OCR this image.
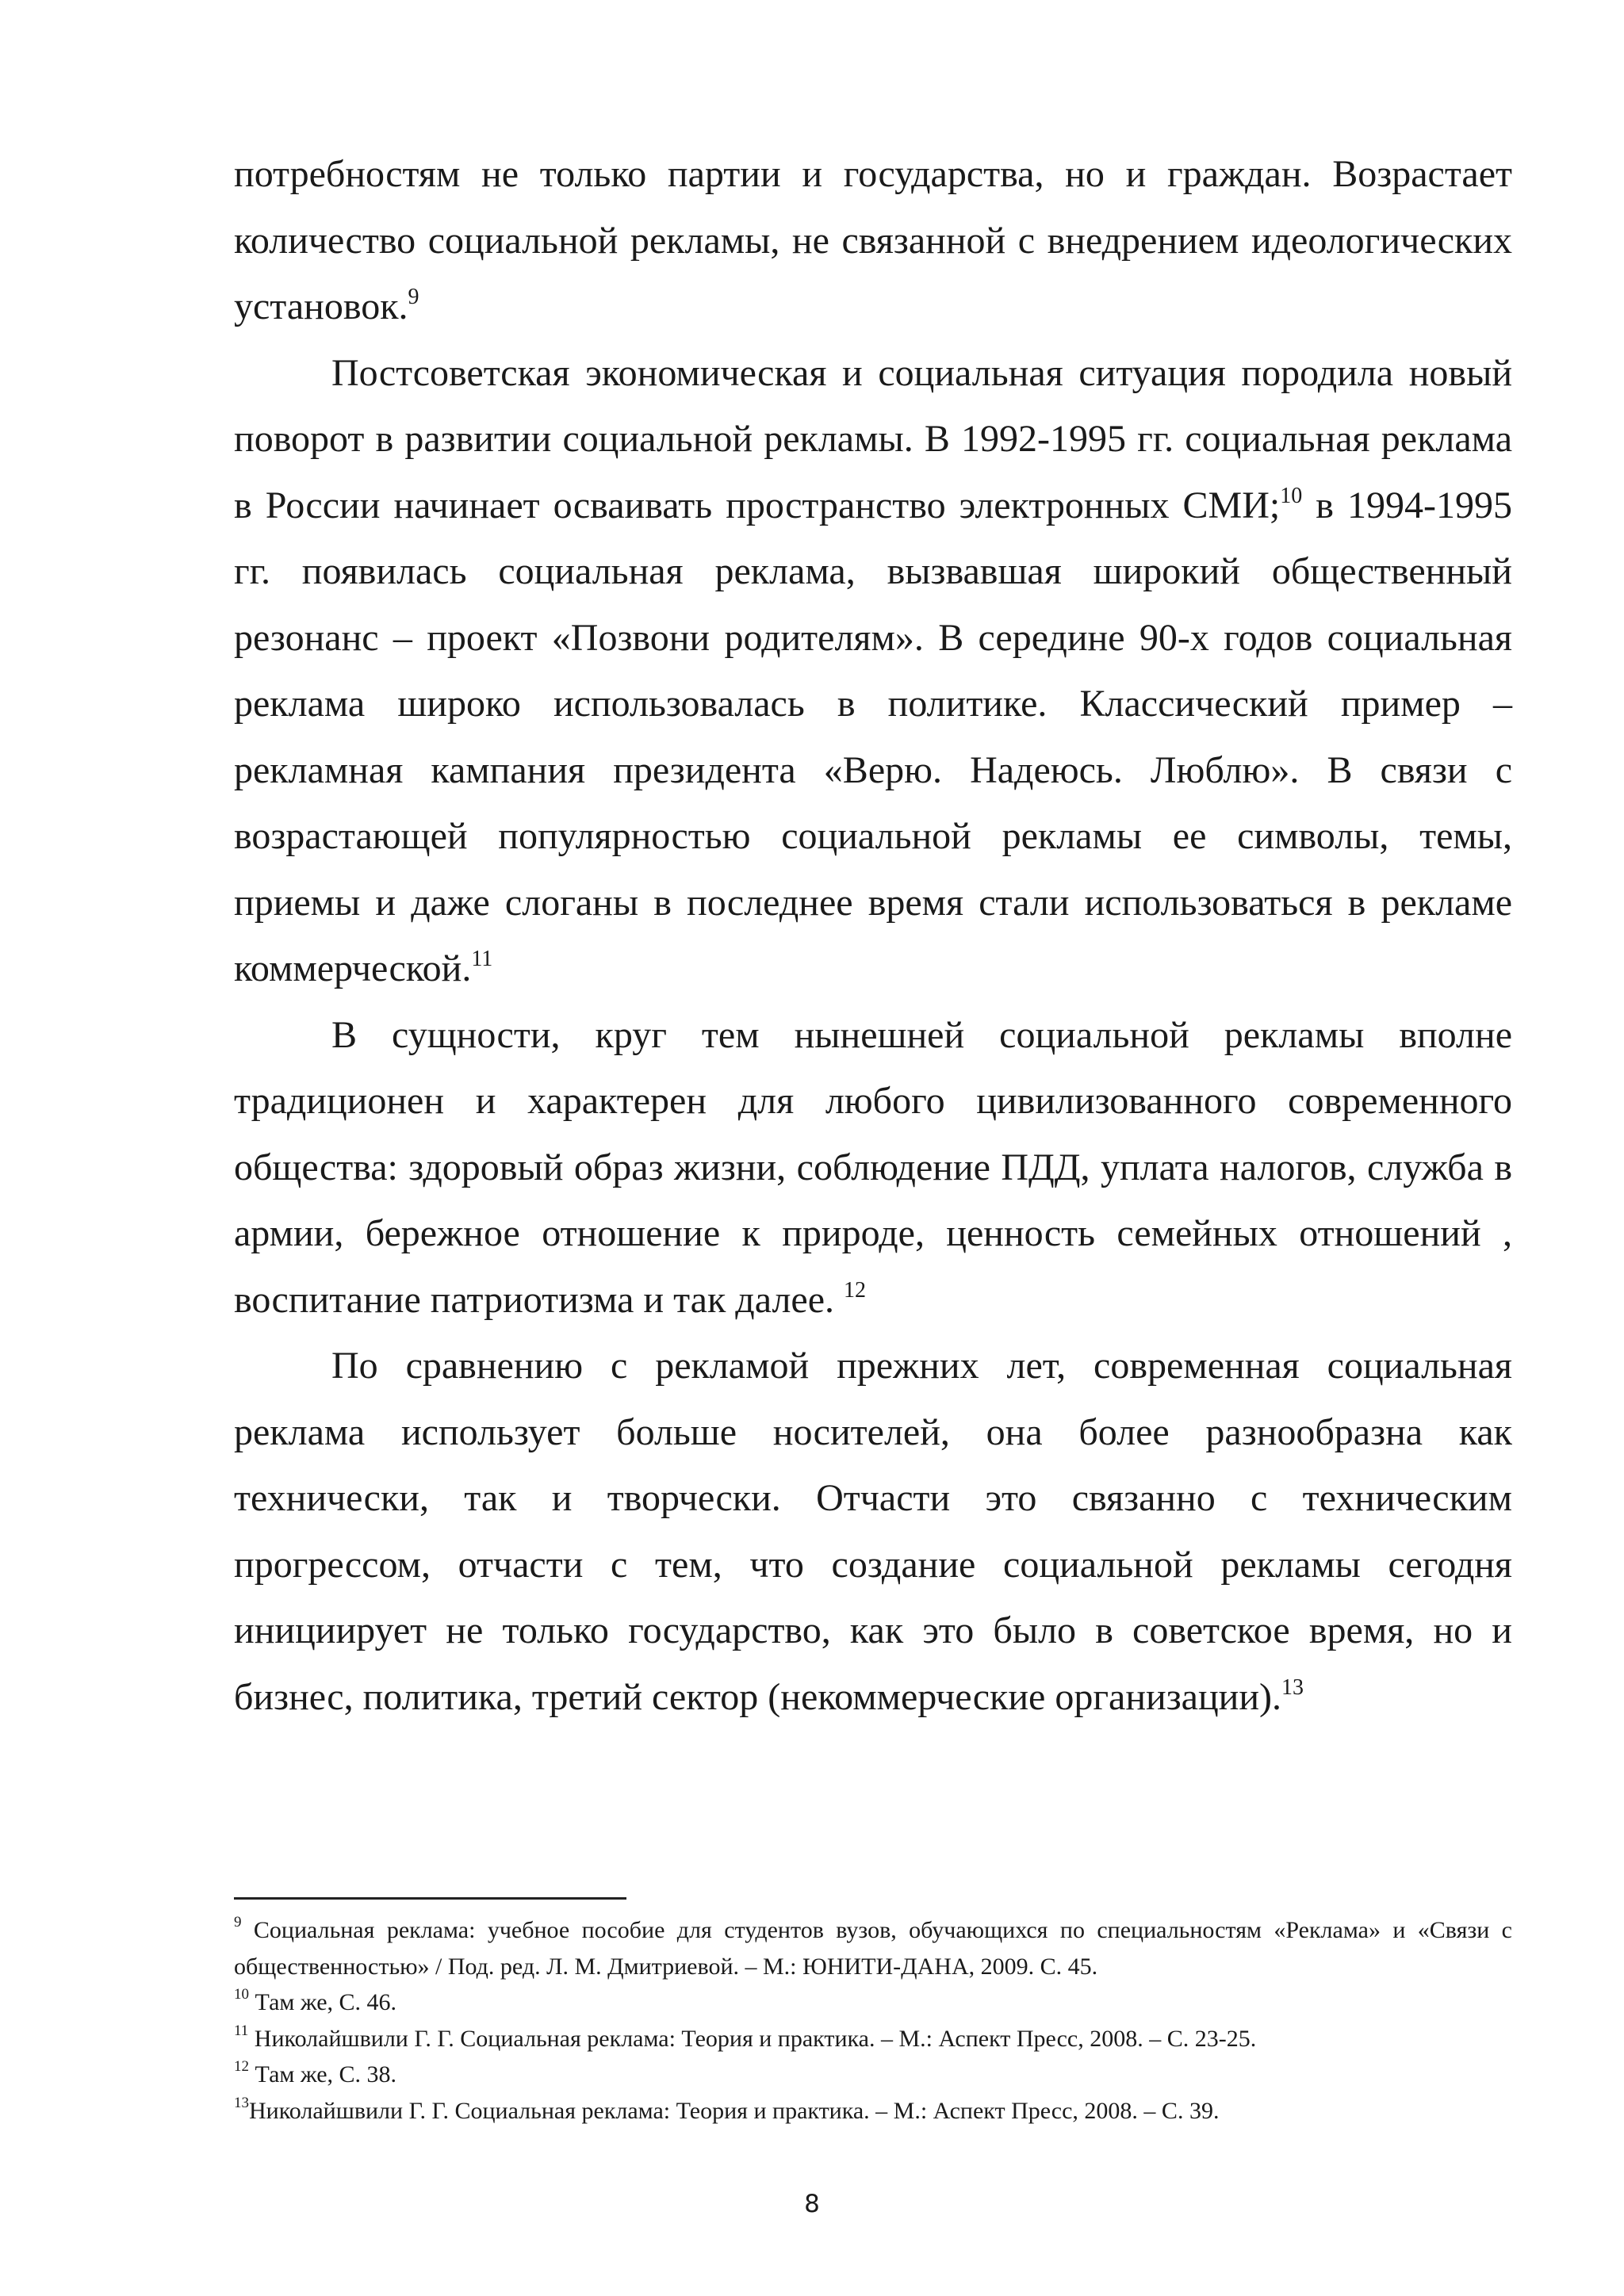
потребностям не только партии и государства, но и граждан. Возрастает количество социальной рекламы, не связанной с внедрением идеологических установок.$^9$

Постсоветская экономическая и социальная ситуация породила новый поворот в развитии социальной рекламы. В 1992-1995 гг. социальная реклама в России начинает осваивать пространство электронных СМИ;$^{10}$ в 1994-1995 гг. появилась социальная реклама, вызвавшая широкий общественный резонанс – проект «Позвони родителям». В середине 90-х годов социальная реклама широко использовалась в политике. Классический пример – рекламная кампания президента «Верю. Надеюсь. Люблю». В связи с возрастающей популярностью социальной рекламы ее символы, темы, приемы и даже слоганы в последнее время стали использоваться в рекламе коммерческой.$^{11}$

В сущности, круг тем нынешней социальной рекламы вполне традиционен и характерен для любого цивилизованного современного общества: здоровый образ жизни, соблюдение ПДД, уплата налогов, служба в армии, бережное отношение к природе, ценность семейных отношений , воспитание патриотизма и так далее. $^{12}$

По сравнению с рекламой прежних лет, современная социальная реклама использует больше носителей, она более разнообразна как технически, так и творчески. Отчасти это связанно с техническим прогрессом, отчасти с тем, что создание социальной рекламы сегодня инициирует не только государство, как это было в советское время, но и бизнес, политика, третий сектор (некоммерческие организации).$^{13}$

$^9$ Социальная реклама: учебное пособие для студентов вузов, обучающихся по специальностям «Реклама» и «Связи с общественностью» / Под. ред. Л. М. Дмитриевой. – М.: ЮНИТИ-ДАНА, 2009. С. 45.

$^{10}$ Там же, С. 46.

$^{11}$ Николайшвили Г. Г. Социальная реклама: Теория и практика. – М.: Аспект Пресс, 2008. – С. 23-25.

$^{12}$ Там же, С. 38.

$^{13}$Николайшвили Г. Г. Социальная реклама: Теория и практика. – М.: Аспект Пресс, 2008. – С. 39.

8
